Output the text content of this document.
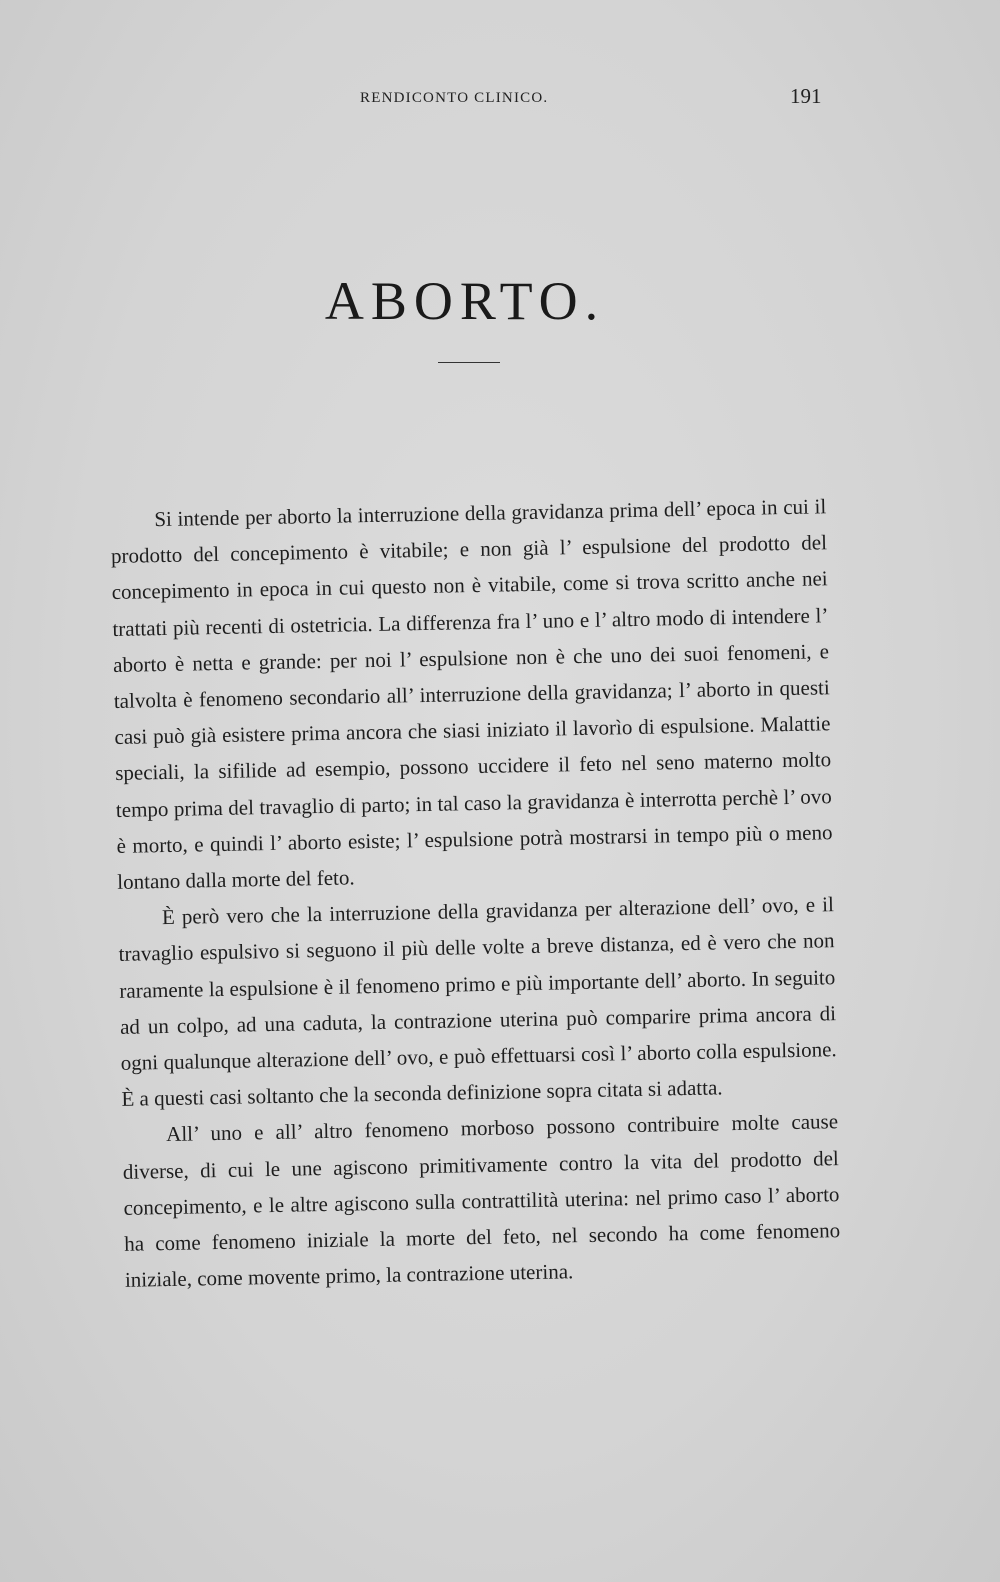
RENDICONTO CLINICO.	191
ABORTO.

Si intende per aborto la interruzione della gravidanza prima dell’ epoca in cui il prodotto del concepimento è vitabile; e non già l’ espulsione del prodotto del concepimento in epoca in cui questo non è vitabile, come si trova scritto anche nei trattati più recenti di ostetricia. La differenza fra l’ uno e l’ altro modo di intendere l’ aborto è netta e grande: per noi l’ espulsione non è che uno dei suoi fenomeni, e talvolta è fenomeno secondario all’ interruzione della gravidanza; l’ aborto in questi casi può già esistere prima ancora che siasi iniziato il lavorìo di espulsione. Malattie speciali, la sifilide ad esempio, possono uccidere il feto nel seno materno molto tempo prima del travaglio di parto; in tal caso la gravidanza è interrotta perchè l’ ovo è morto, e quindi l’ aborto esiste; l’ espulsione potrà mostrarsi in tempo più o meno lontano dalla morte del feto.

È però vero che la interruzione della gravidanza per alterazione dell’ ovo, e il travaglio espulsivo si seguono il più delle volte a breve distanza, ed è vero che non raramente la espulsione è il fenomeno primo e più importante dell’ aborto. In seguito ad un colpo, ad una caduta, la contrazione uterina può comparire prima ancora di ogni qualunque alterazione dell’ ovo, e può effettuarsi così l’ aborto colla espulsione. È a questi casi soltanto che la seconda definizione sopra citata si adatta.

All’ uno e all’ altro fenomeno morboso possono contribuire molte cause diverse, di cui le une agiscono primitivamente contro la vita del prodotto del concepimento, e le altre agiscono sulla contrattilità uterina: nel primo caso l’ aborto ha come fenomeno iniziale la morte del feto, nel secondo ha come fenomeno iniziale, come movente primo, la contrazione uterina.
